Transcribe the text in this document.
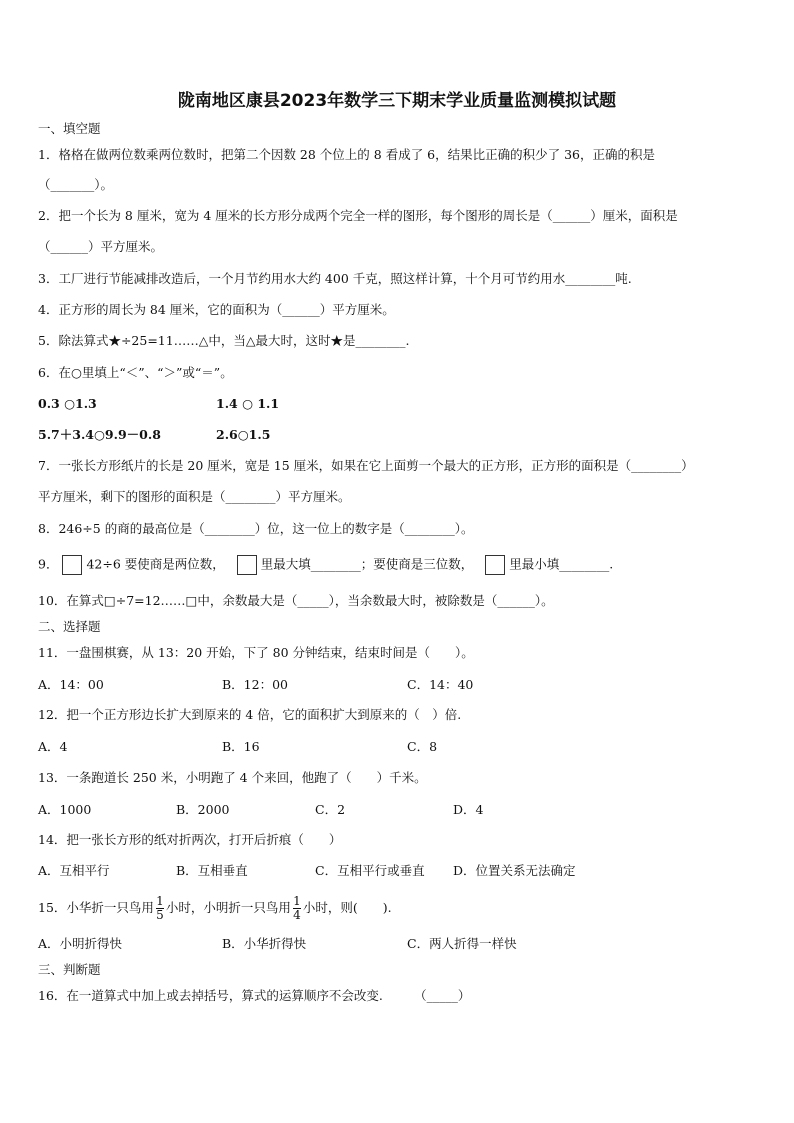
陇南地区康县2023年数学三下期末学业质量监测模拟试题
一、填空题
1．格格在做两位数乘两位数时，把第二个因数 28 个位上的 8 看成了 6，结果比正确的积少了 36，正确的积是
（_______）。
2．把一个长为 8 厘米，宽为 4 厘米的长方形分成两个完全一样的图形，每个图形的周长是（______）厘米，面积是
（______）平方厘米。
3．工厂进行节能减排改造后，一个月节约用水大约 400 千克，照这样计算，十个月可节约用水________吨.
4．正方形的周长为 84 厘米，它的面积为（______）平方厘米。
5．除法算式★÷25=11……△中，当△最大时，这时★是________.
6．在○里填上“＜”、“＞”或“＝”。
0.3 ○1.3	1.4 ○ 1.1
5.7＋3.4○9.9－0.8	2.6○1.5
7．一张长方形纸片的长是 20 厘米，宽是 15 厘米，如果在它上面剪一个最大的正方形，正方形的面积是（________）
平方厘米，剩下的图形的面积是（________）平方厘米。
8．246÷5 的商的最高位是（________）位，这一位上的数字是（________）。
9． 42÷6 要使商是两位数，	里最大填________；要使商是三位数，	里最小填________.
10．在算式□÷7=12……□中，余数最大是（_____），当余数最大时，被除数是（______）。
二、选择题
11．一盘围棋赛，从 13：20 开始，下了 80 分钟结束，结束时间是（　　）。
A．14：00	B．12：00	C．14：40
12．把一个正方形边长扩大到原来的 4 倍，它的面积扩大到原来的（　）倍.
A．4	B．16	C．8
13．一条跑道长 250 米，小明跑了 4 个来回，他跑了（　　）千米。
A．1000	B．2000	C．2	D．4
14．把一张长方形的纸对折两次，打开后折痕（　　）
A．互相平行	B．互相垂直	C．互相平行或垂直 D．位置关系无法确定
15．小华折一只鸟用 $\frac{1}{5}$ 小时，小明折一只鸟用 $\frac{1}{4}$ 小时，则(　　).
A．小明折得快	B．小华折得快	C．两人折得一样快
三、判断题
16．在一道算式中加上或去掉括号，算式的运算顺序不会改变.　　　（_____）
